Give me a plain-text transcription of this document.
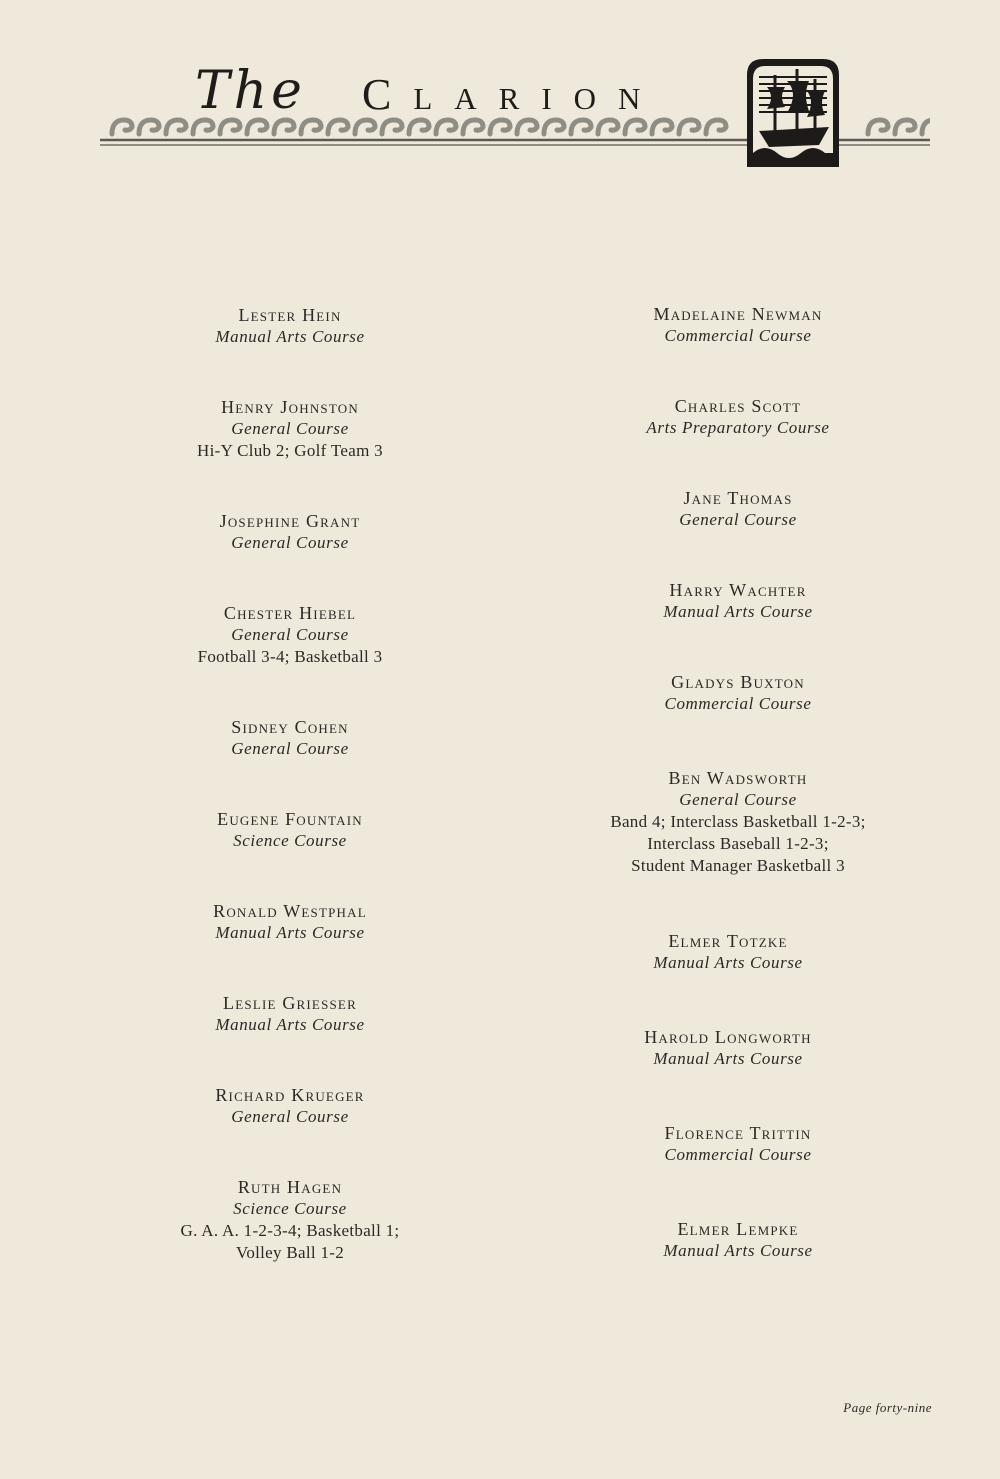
The Clarion
Lester Hein
Manual Arts Course
Henry Johnston
General Course
Hi-Y Club 2; Golf Team 3
Josephine Grant
General Course
Chester Hiebel
General Course
Football 3-4; Basketball 3
Sidney Cohen
General Course
Eugene Fountain
Science Course
Ronald Westphal
Manual Arts Course
Leslie Griesser
Manual Arts Course
Richard Krueger
General Course
Ruth Hagen
Science Course
G. A. A. 1-2-3-4; Basketball 1;
Volley Ball 1-2
Madelaine Newman
Commercial Course
Charles Scott
Arts Preparatory Course
Jane Thomas
General Course
Harry Wachter
Manual Arts Course
Gladys Buxton
Commercial Course
Ben Wadsworth
General Course
Band 4; Interclass Basketball 1-2-3;
Interclass Baseball 1-2-3;
Student Manager Basketball 3
Elmer Totzke
Manual Arts Course
Harold Longworth
Manual Arts Course
Florence Trittin
Commercial Course
Elmer Lempke
Manual Arts Course
Page forty-nine
